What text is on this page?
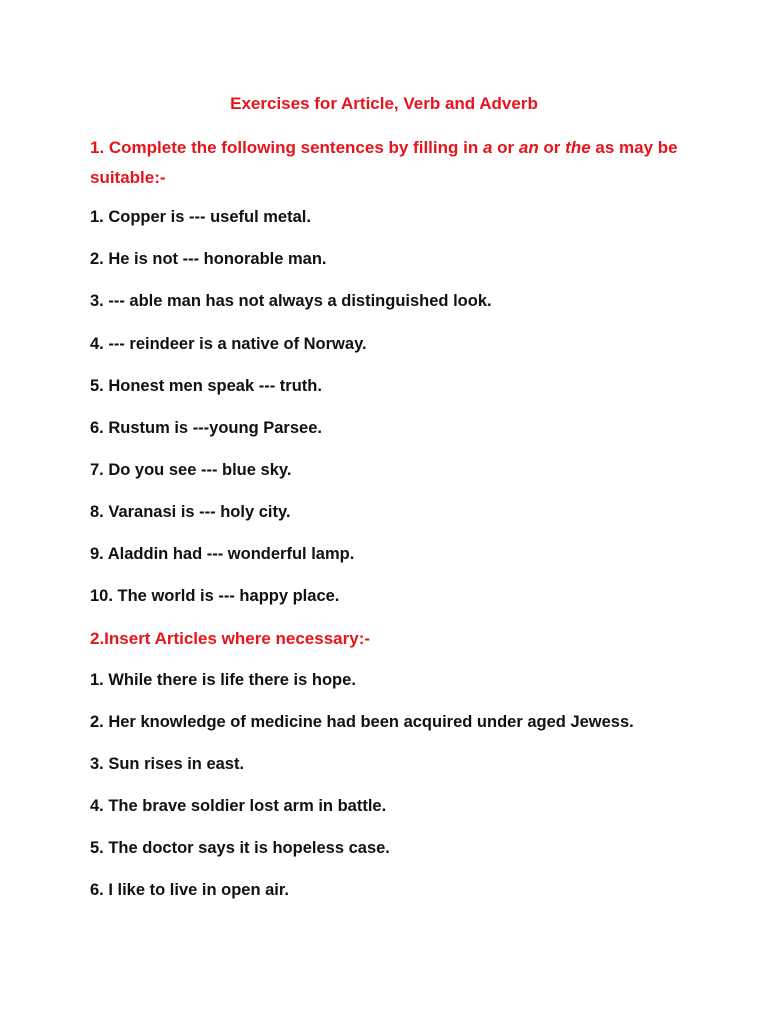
Exercises for Article, Verb and Adverb
1. Complete the following sentences by filling in a or an or the as may be suitable:-
1. Copper is --- useful metal.
2. He is not --- honorable man.
3. --- able man has not always a distinguished look.
4. --- reindeer is a native of Norway.
5. Honest men speak --- truth.
6. Rustum is ---young Parsee.
7. Do you see --- blue sky.
8. Varanasi is --- holy city.
9. Aladdin had --- wonderful lamp.
10. The world is --- happy place.
2.Insert Articles where necessary:-
1. While there is life there is hope.
2. Her knowledge of medicine had been acquired under aged Jewess.
3. Sun rises in east.
4. The brave soldier lost arm in battle.
5. The doctor says it is hopeless case.
6. I like to live in open air.
